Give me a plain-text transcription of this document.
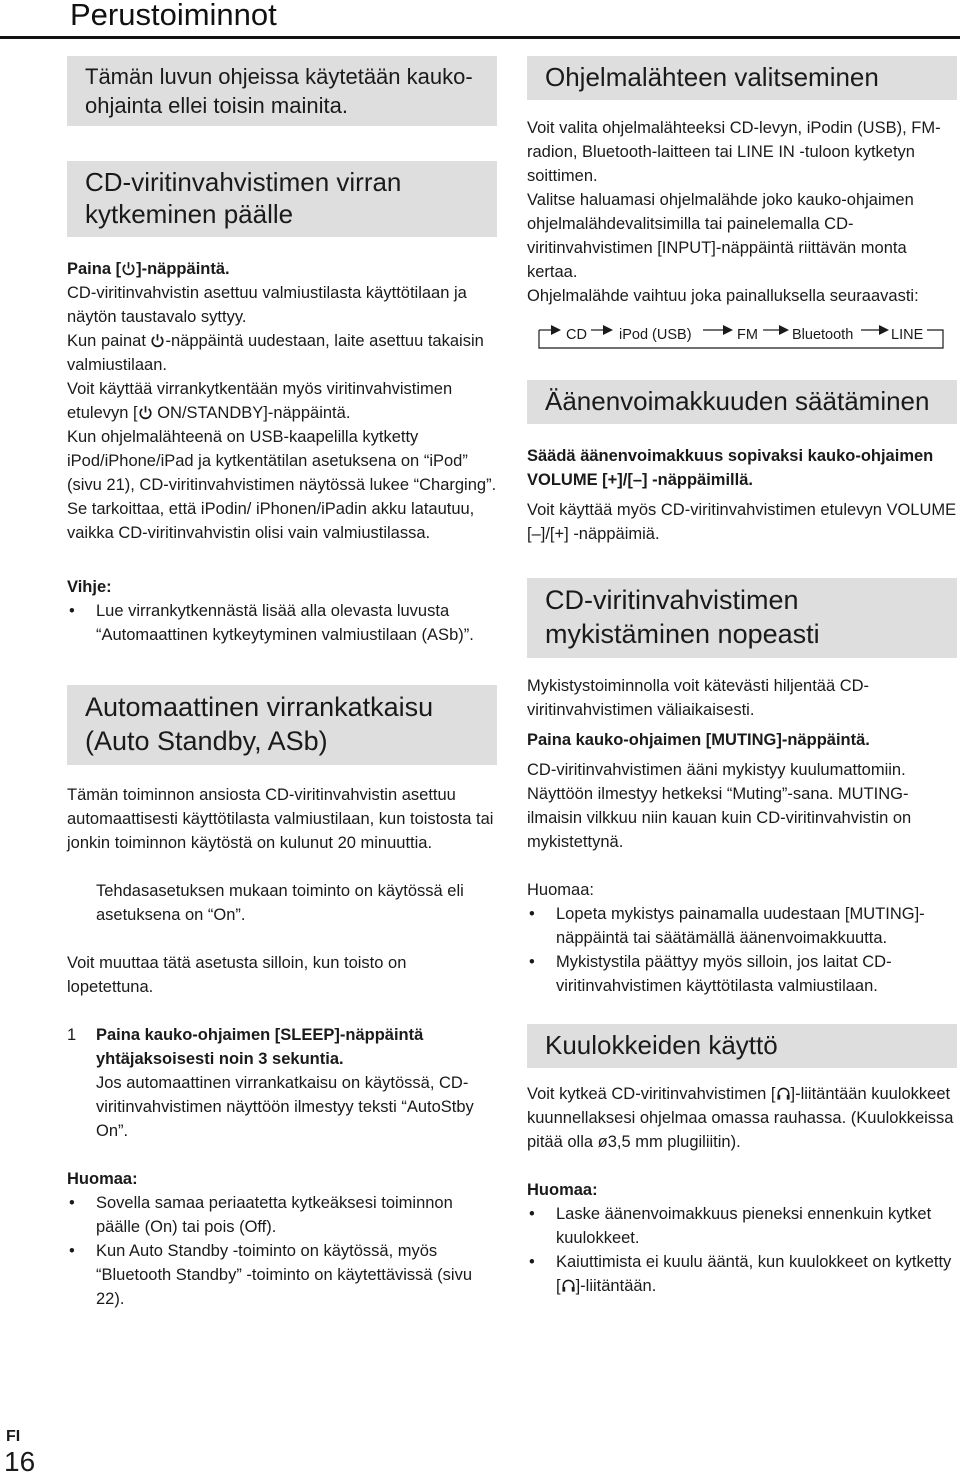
Perustoiminnot
Tämän luvun ohjeissa käytetään kauko-ohjainta ellei toisin mainita.
CD-viritinvahvistimen virran kytkeminen päälle

Paina [ ]-näppäintä.

CD-viritinvahvistin asettuu valmiustilasta käyttötilaan ja näytön taustavalo syttyy.

Kun painat -näppäintä uudestaan, laite asettuu takaisin valmiustilaan.

Voit käyttää virrankytkentään myös viritinvahvistimen etulevyn [ ON/STANDBY]-näppäintä.

Kun ohjelmalähteenä on USB-kaapelilla kytketty iPod/iPhone/iPad ja kytkentätilan asetuksena on “iPod” (sivu 21), CD-viritinvahvistimen näytössä lukee “Charging”. Se tarkoittaa, että iPodin/ iPhonen/iPadin akku latautuu, vaikka CD-viritinvahvistin olisi vain valmiustilassa.

Vihje:

• Lue virrankytkennästä lisää alla olevasta luvusta “Automaattinen kytkeytyminen valmiustilaan (ASb)”.
Automaattinen virrankatkaisu (Auto Standby, ASb)

Tämän toiminnon ansiosta CD-viritinvahvistin asettuu automaattisesti käyttötilasta valmiustilaan, kun toistosta tai jonkin toiminnon käytöstä on kulunut 20 minuuttia.

Tehdasasetuksen mukaan toiminto on käytössä eli asetuksena on “On”.

Voit muuttaa tätä asetusta silloin, kun toisto on lopetettuna.

1 Paina kauko-ohjaimen [SLEEP]-näppäintä yhtäjaksoisesti noin 3 sekuntia.
Jos automaattinen virrankatkaisu on käytössä, CD-viritinvahvistimen näyttöön ilmestyy teksti “AutoStby On”.

Huomaa:

• Sovella samaa periaatetta kytkeäksesi toiminnon päälle (On) tai pois (Off).
• Kun Auto Standby -toiminto on käytössä, myös “Bluetooth Standby” -toiminto on käytettävissä (sivu 22).
Ohjelmalähteen valitseminen

Voit valita ohjelmalähteeksi CD-levyn, iPodin (USB), FM-radion, Bluetooth-laitteen tai LINE IN -tuloon kytketyn soittimen.

Valitse haluamasi ohjelmalähde joko kauko-ohjaimen ohjelmalähdevalitsimilla tai painelemalla CD-viritinvahvistimen [INPUT]-näppäintä riittävän monta kertaa.

Ohjelmalähde vaihtuu joka painalluksella seuraavasti:

CD iPod (USB)	FM Bluetooth	LINE
Äänenvoimakkuuden säätäminen

Säädä äänenvoimakkuus sopivaksi kauko-ohjaimen VOLUME [+]/[–] -näppäimillä.

Voit käyttää myös CD-viritinvahvistimen etulevyn VOLUME [–]/[+] -näppäimiä.

CD-viritinvahvistimen mykistäminen nopeasti

Mykistystoiminnolla voit kätevästi hiljentää CD-viritinvahvistimen väliaikaisesti.

Paina kauko-ohjaimen [MUTING]-näppäintä.

CD-viritinvahvistimen ääni mykistyy kuulumattomiin. Näyttöön ilmestyy hetkeksi “Muting”-sana. MUTING-ilmaisin vilkkuu niin kauan kuin CD-viritinvahvistin on mykistettynä.

Huomaa:

• Lopeta mykistys painamalla uudestaan [MUTING]-näppäintä tai säätämällä äänenvoimakkuutta.
• Mykistystila päättyy myös silloin, jos laitat CD-viritinvahvistimen käyttötilasta valmiustilaan.
Kuulokkeiden käyttö

Voit kytkeä CD-viritinvahvistimen [ ]-liitäntään kuulokkeet kuunnellaksesi ohjelmaa omassa rauhassa. (Kuulokkeissa pitää olla ø3,5 mm plugiliitin).

Huomaa:

• Laske äänenvoimakkuus pieneksi ennenkuin kytket kuulokkeet.
• Kaiuttimista ei kuulu ääntä, kun kuulokkeet on kytketty [ ]-liitäntään.
FI
16
